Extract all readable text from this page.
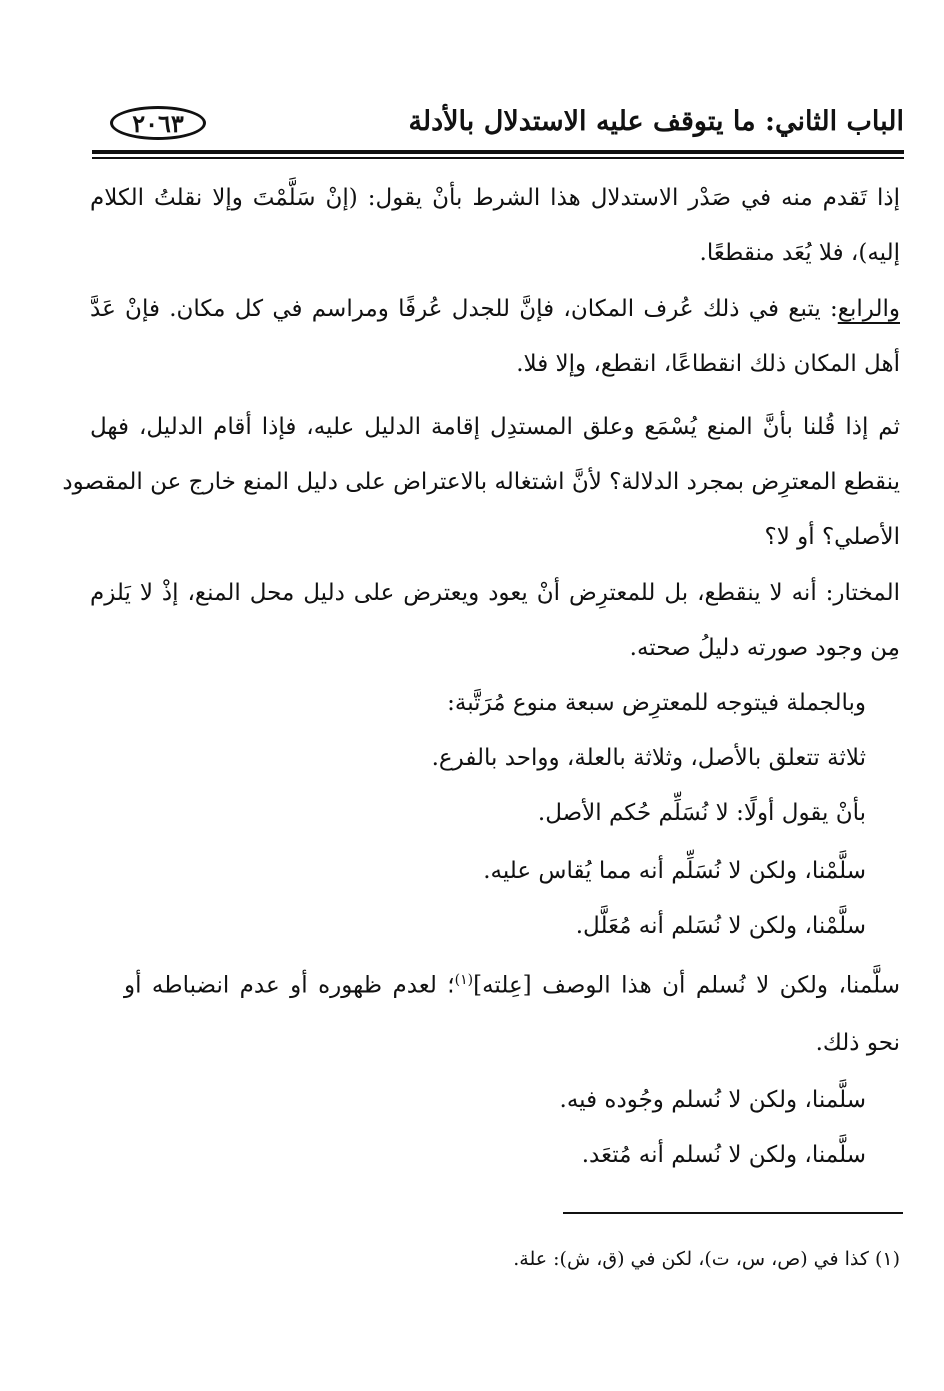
الباب الثاني: ما يتوقف عليه الاستدلال بالأدلة
٢٠٦٣
إذا تَقدم منه في صَدْر الاستدلال هذا الشرط بأنْ يقول: (إنْ سَلَّمْتَ وإلا نقلتُ الكلام
إليه)، فلا يُعَد منقطعًا.
والرابع: يتبع في ذلك عُرف المكان، فإنَّ للجدل عُرفًا ومراسم في كل مكان. فإنْ عَدَّ
أهل المكان ذلك انقطاعًا، انقطع، وإلا فلا.
ثم إذا قُلنا بأنَّ المنع يُسْمَع وعلق المستدِل إقامة الدليل عليه، فإذا أقام الدليل، فهل
ينقطع المعترِض بمجرد الدلالة؟ لأنَّ اشتغاله بالاعتراض على دليل المنع خارج عن المقصود
الأصلي؟ أو لا؟
المختار: أنه لا ينقطع، بل للمعترِض أنْ يعود ويعترض على دليل محل المنع، إذْ لا يَلزم
مِن وجود صورته دليلُ صحته.
وبالجملة فيتوجه للمعترِض سبعة منوع مُرَتَّبة:
ثلاثة تتعلق بالأصل، وثلاثة بالعلة، وواحد بالفرع.
بأنْ يقول أولًا: لا نُسَلِّم حُكم الأصل.
سلَّمْنا، ولكن لا نُسَلِّم أنه مما يُقاس عليه.
سلَّمْنا، ولكن لا نُسَلم أنه مُعَلَّل.
سلَّمنا، ولكن لا نُسلم أن هذا الوصف [عِلته]$^{(١)}$؛ لعدم ظهوره أو عدم انضباطه أو
نحو ذلك.
سلَّمنا، ولكن لا نُسلم وجُوده فيه.
سلَّمنا، ولكن لا نُسلم أنه مُتعَد.
(١) كذا في (ص، س، ت)، لكن في (ق، ش): علة.
